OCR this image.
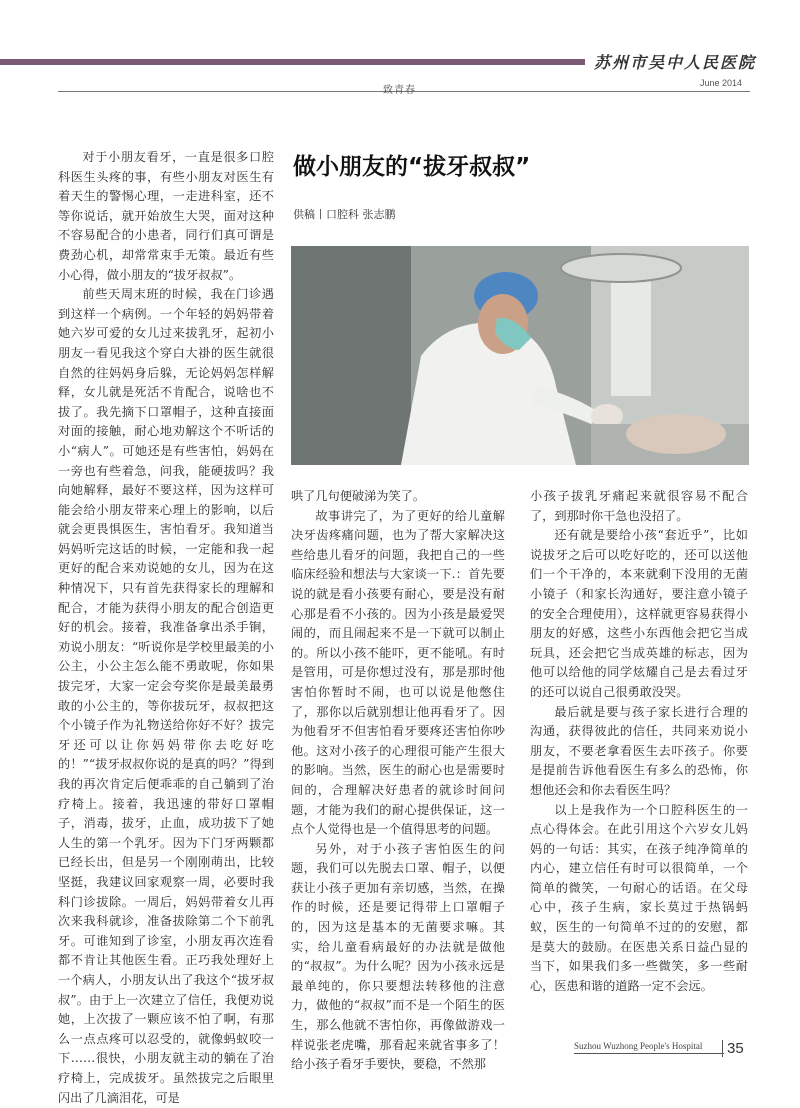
苏州市吴中人民医院
June 2014
致青春

对于小朋友看牙，一直是很多口腔科医生头疼的事，有些小朋友对医生有着天生的警惕心理，一走进科室，还不等你说话，就开始放生大哭，面对这种不容易配合的小患者，同行们真可谓是费劲心机，却常常束手无策。最近有些小心得，做小朋友的“拔牙叔叔”。

前些天周末班的时候，我在门诊遇到这样一个病例。一个年轻的妈妈带着她六岁可爱的女儿过来拔乳牙，起初小朋友一看见我这个穿白大褂的医生就很自然的往妈妈身后躲，无论妈妈怎样解释，女儿就是死活不肯配合，说啥也不拔了。我先摘下口罩帽子，这种直接面对面的接触，耐心地劝解这个不听话的小“病人”。可她还是有些害怕，妈妈在一旁也有些着急，问我，能硬拔吗？我向她解释，最好不要这样，因为这样可能会给小朋友带来心理上的影响，以后就会更畏惧医生，害怕看牙。我知道当妈妈听完这话的时候，一定能和我一起更好的配合来劝说她的女儿，因为在这种情况下，只有首先获得家长的理解和配合，才能为获得小朋友的配合创造更好的机会。接着，我准备拿出杀手锏，劝说小朋友：“听说你是学校里最美的小公主，小公主怎么能不勇敢呢，你如果拔完牙，大家一定会夸奖你是最美最勇敢的小公主的，等你拔玩牙，叔叔把这个小镜子作为礼物送给你好不好？拔完牙还可以让你妈妈带你去吃好吃的！”“拔牙叔叔你说的是真的吗？”得到我的再次肯定后便乖乖的自己躺到了治疗椅上。接着，我迅速的带好口罩帽子，消毒，拔牙，止血，成功拔下了她人生的第一个乳牙。因为下门牙两颗都已经长出，但是另一个刚刚萌出，比较坚挺，我建议回家观察一周，必要时我科门诊拔除。一周后，妈妈带着女儿再次来我科就诊，准备拔除第二个下前乳牙。可谁知到了诊室，小朋友再次连看都不肯让其他医生看。正巧我处理好上一个病人，小朋友认出了我这个“拔牙叔叔”。由于上一次建立了信任，我便劝说她，上次拔了一颗应该不怕了啊，有那么一点点疼可以忍受的，就像蚂蚁咬一下……很快，小朋友就主动的躺在了治疗椅上，完成拔牙。虽然拔完之后眼里闪出了几滴泪花，可是

做小朋友的“拔牙叔叔”
供稿丨口腔科 张志鹏

哄了几句便破涕为笑了。

故事讲完了，为了更好的给儿童解决牙齿疼痛问题，也为了帮大家解决这些给患儿看牙的问题，我把自己的一些临床经验和想法与大家谈一下.：首先要说的就是看小孩要有耐心，要是没有耐心那是看不小孩的。因为小孩是最爱哭闹的，而且闹起来不是一下就可以制止的。所以小孩不能吓，更不能吼。有时是管用，可是你想过没有，那是那时他害怕你暂时不闹，也可以说是他憋住了，那你以后就别想让他再看牙了。因为他看牙不但害怕看牙要疼还害怕你吵他。这对小孩子的心理很可能产生很大的影响。当然，医生的耐心也是需要时间的，合理解决好患者的就诊时间问题，才能为我们的耐心提供保证，这一点个人觉得也是一个值得思考的问题。

另外，对于小孩子害怕医生的问题，我们可以先脱去口罩、帽子，以便获让小孩子更加有亲切感，当然，在操作的时候，还是要记得带上口罩帽子的，因为这是基本的无菌要求嘛。其实，给儿童看病最好的办法就是做他的“叔叔”。为什么呢？因为小孩永远是最单纯的，你只要想法转移他的注意力，做他的“叔叔”而不是一个陌生的医生，那么他就不害怕你，再像做游戏一样说张老虎嘴，那看起来就省事多了！给小孩子看牙手要快，要稳，不然那

小孩子拔乳牙痛起来就很容易不配合了，到那时你干急也没招了。

还有就是要给小孩“套近乎”，比如说拔牙之后可以吃好吃的，还可以送他们一个干净的，本来就剩下没用的无菌小镜子（和家长沟通好，要注意小镜子的安全合理使用），这样就更容易获得小朋友的好感，这些小东西他会把它当成玩具，还会把它当成英雄的标志，因为他可以给他的同学炫耀自己是去看过牙的还可以说自己很勇敢没哭。

最后就是要与孩子家长进行合理的沟通，获得彼此的信任，共同来劝说小朋友，不要老拿看医生去吓孩子。你要是提前告诉他看医生有多么的恐怖，你想他还会和你去看医生吗？

以上是我作为一个口腔科医生的一点心得体会。在此引用这个六岁女儿妈妈的一句话：其实，在孩子纯净简单的内心，建立信任有时可以很简单，一个简单的微笑，一句耐心的话语。在父母心中，孩子生病，家长莫过于热锅蚂蚁，医生的一句简单不过的的安慰，都是莫大的鼓励。在医患关系日益凸显的当下，如果我们多一些微笑，多一些耐心，医患和谐的道路一定不会远。

Suzhou Wuzhong People's Hospital	35
